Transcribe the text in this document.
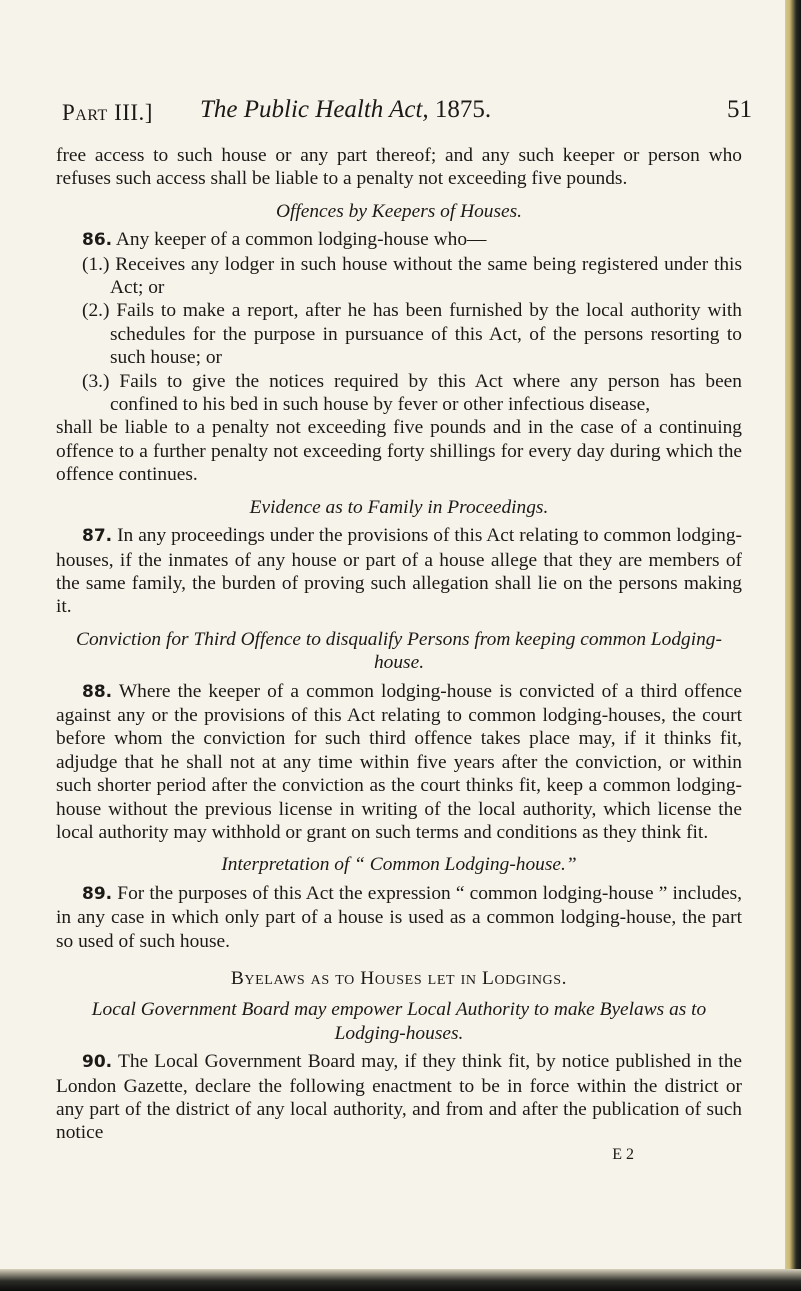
Part III.] The Public Health Act, 1875.	51

free access to such house or any part thereof; and any such keeper or person who refuses such access shall be liable to a penalty not exceeding five pounds.

Offences by Keepers of Houses.

86. Any keeper of a common lodging-house who—

(1.) Receives any lodger in such house without the same being registered under this Act; or

(2.) Fails to make a report, after he has been furnished by the local authority with schedules for the purpose in pursuance of this Act, of the persons resorting to such house; or

(3.) Fails to give the notices required by this Act where any person has been confined to his bed in such house by fever or other infectious disease,

shall be liable to a penalty not exceeding five pounds and in the case of a continuing offence to a further penalty not exceeding forty shillings for every day during which the offence continues.

Evidence as to Family in Proceedings.

87. In any proceedings under the provisions of this Act relating to common lodging-houses, if the inmates of any house or part of a house allege that they are members of the same family, the burden of proving such allegation shall lie on the persons making it.

Conviction for Third Offence to disqualify Persons from keeping common Lodging-house.

88. Where the keeper of a common lodging-house is convicted of a third offence against any or the provisions of this Act relating to common lodging-houses, the court before whom the conviction for such third offence takes place may, if it thinks fit, adjudge that he shall not at any time within five years after the conviction, or within such shorter period after the conviction as the court thinks fit, keep a common lodging-house without the previous license in writing of the local authority, which license the local authority may withhold or grant on such terms and conditions as they think fit.

Interpretation of “ Common Lodging-house.”

89. For the purposes of this Act the expression “ common lodging-house ” includes, in any case in which only part of a house is used as a common lodging-house, the part so used of such house.

Byelaws as to Houses let in Lodgings.

Local Government Board may empower Local Authority to make Byelaws as to Lodging-houses.

90. The Local Government Board may, if they think fit, by notice published in the London Gazette, declare the following enactment to be in force within the district or any part of the district of any local authority, and from and after the publication of such notice

E 2
